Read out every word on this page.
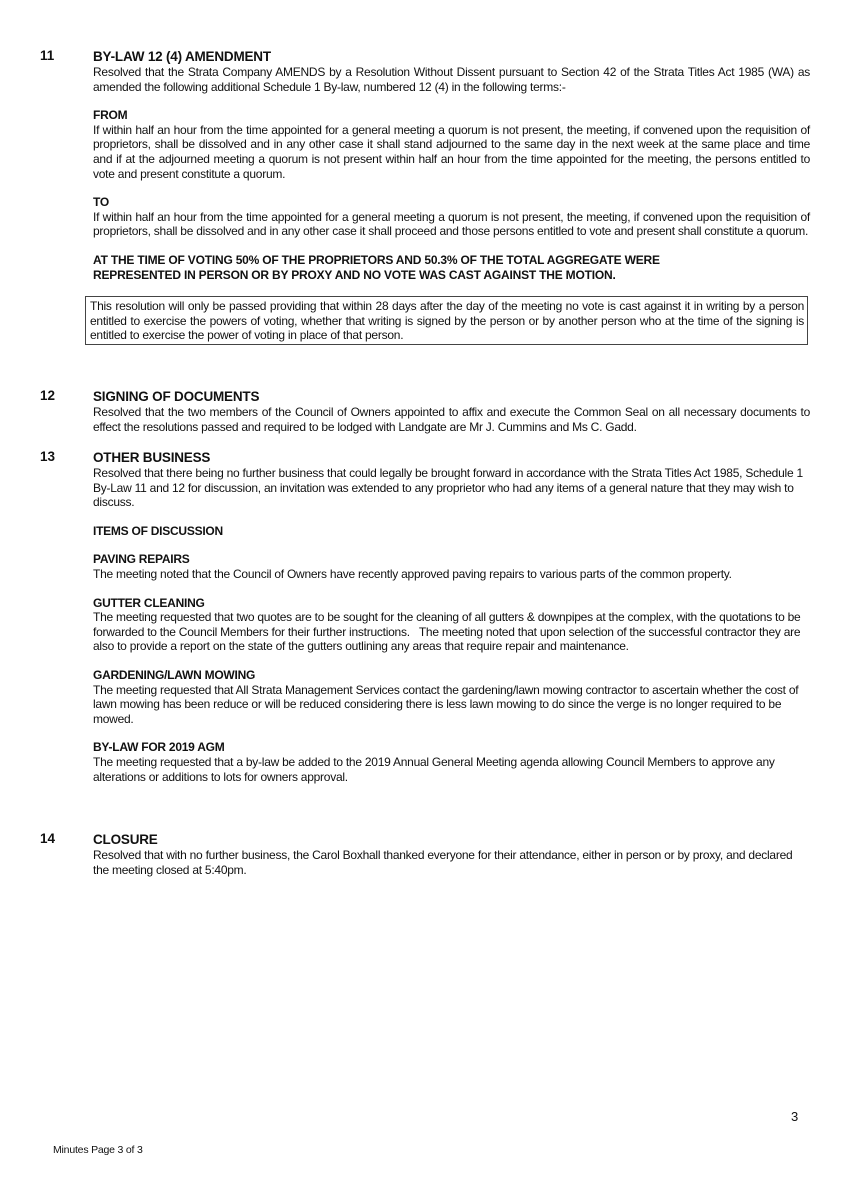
11	BY-LAW 12 (4) AMENDMENT

Resolved that the Strata Company AMENDS by a Resolution Without Dissent pursuant to Section 42 of the Strata Titles Act 1985 (WA) as amended the following additional Schedule 1 By-law, numbered 12 (4) in the following terms:-

FROM

If within half an hour from the time appointed for a general meeting a quorum is not present, the meeting, if convened upon the requisition of proprietors, shall be dissolved and in any other case it shall stand adjourned to the same day in the next week at the same place and time and if at the adjourned meeting a quorum is not present within half an hour from the time appointed for the meeting, the persons entitled to vote and present constitute a quorum.

TO

If within half an hour from the time appointed for a general meeting a quorum is not present, the meeting, if convened upon the requisition of proprietors, shall be dissolved and in any other case it shall proceed and those persons entitled to vote and present shall constitute a quorum.

AT THE TIME OF VOTING 50% OF THE PROPRIETORS AND 50.3% OF THE TOTAL AGGREGATE WERE
REPRESENTED IN PERSON OR BY PROXY AND NO VOTE WAS CAST AGAINST THE MOTION.

This resolution will only be passed providing that within 28 days after the day of the meeting no vote is cast against it in writing by a person entitled to exercise the powers of voting, whether that writing is signed by the person or by another person who at the time of the signing is entitled to exercise the power of voting in place of that person.

12	SIGNING OF DOCUMENTS

Resolved that the two members of the Council of Owners appointed to affix and execute the Common Seal on all necessary documents to effect the resolutions passed and required to be lodged with Landgate are Mr J. Cummins and Ms C. Gadd.

13	OTHER BUSINESS

Resolved that there being no further business that could legally be brought forward in accordance with the Strata Titles Act 1985, Schedule 1 By-Law 11 and 12 for discussion, an invitation was extended to any proprietor who had any items of a general nature that they may wish to discuss.

ITEMS OF DISCUSSION
PAVING REPAIRS

The meeting noted that the Council of Owners have recently approved paving repairs to various parts of the common property.

GUTTER CLEANING

The meeting requested that two quotes are to be sought for the cleaning of all gutters & downpipes at the complex, with the quotations to be forwarded to the Council Members for their further instructions.   The meeting noted that upon selection of the successful contractor they are also to provide a report on the state of the gutters outlining any areas that require repair and maintenance.

GARDENING/LAWN MOWING

The meeting requested that All Strata Management Services contact the gardening/lawn mowing contractor to ascertain whether the cost of lawn mowing has been reduce or will be reduced considering there is less lawn mowing to do since the verge is no longer required to be mowed.

BY-LAW FOR 2019 AGM

The meeting requested that a by-law be added to the 2019 Annual General Meeting agenda allowing Council Members to approve any alterations or additions to lots for owners approval.

14	CLOSURE

Resolved that with no further business, the Carol Boxhall thanked everyone for their attendance, either in person or by proxy, and declared the meeting closed at 5:40pm.

3
Minutes Page 3 of 3
